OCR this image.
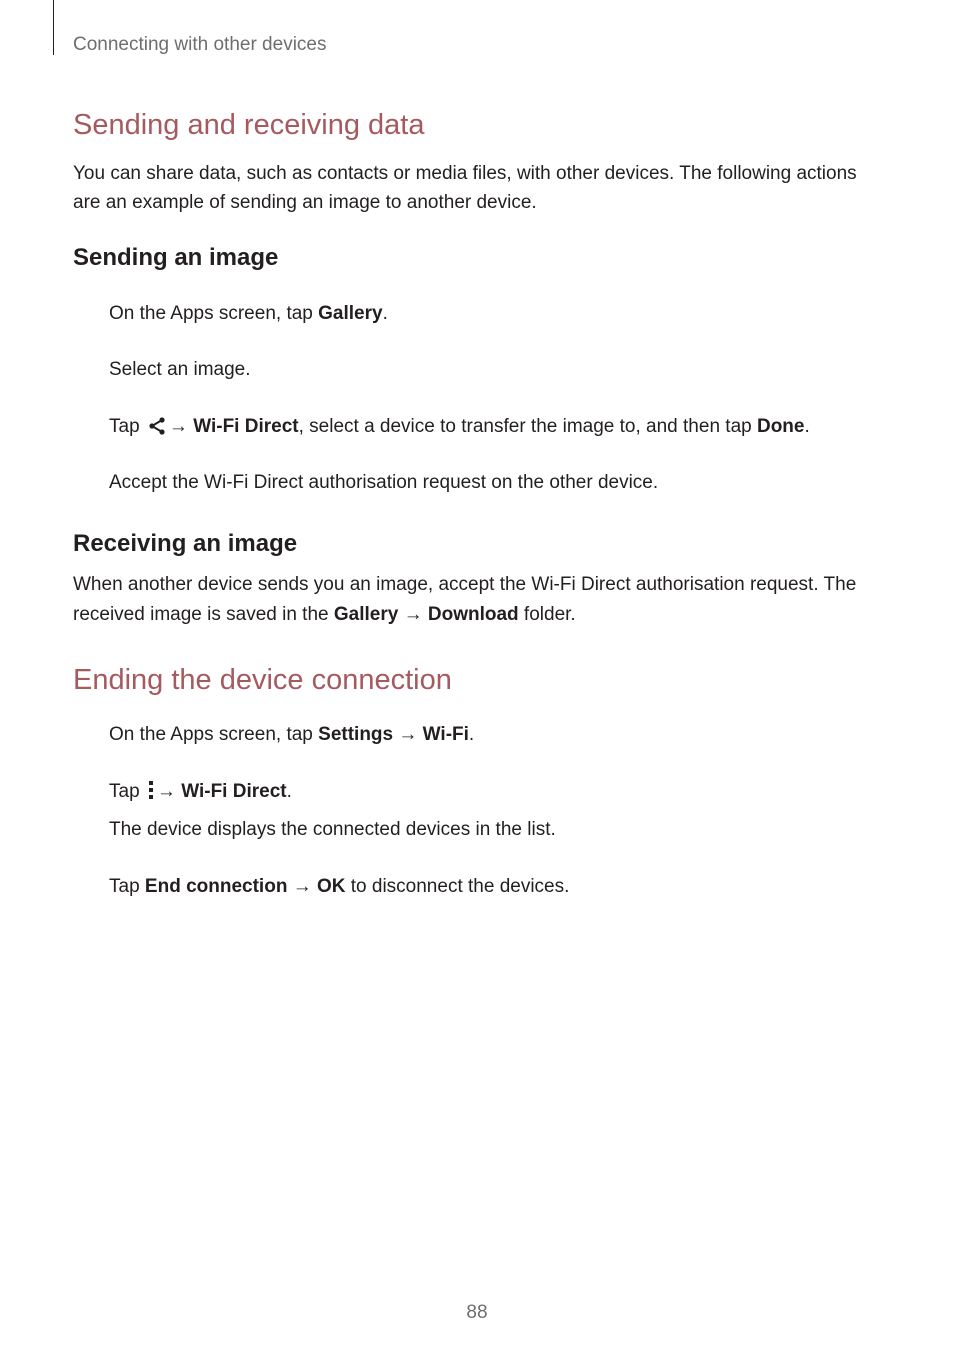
Connecting with other devices
Sending and receiving data

You can share data, such as contacts or media files, with other devices. The following actions are an example of sending an image to another device.

Sending an image
On the Apps screen, tap Gallery.
Select an image.
Tap → Wi-Fi Direct, select a device to transfer the image to, and then tap Done.
Accept the Wi-Fi Direct authorisation request on the other device.
Receiving an image

When another device sends you an image, accept the Wi-Fi Direct authorisation request. The received image is saved in the Gallery → Download folder.

Ending the device connection
On the Apps screen, tap Settings → Wi-Fi.
Tap → Wi-Fi Direct.
The device displays the connected devices in the list.
Tap End connection → OK to disconnect the devices.
88
